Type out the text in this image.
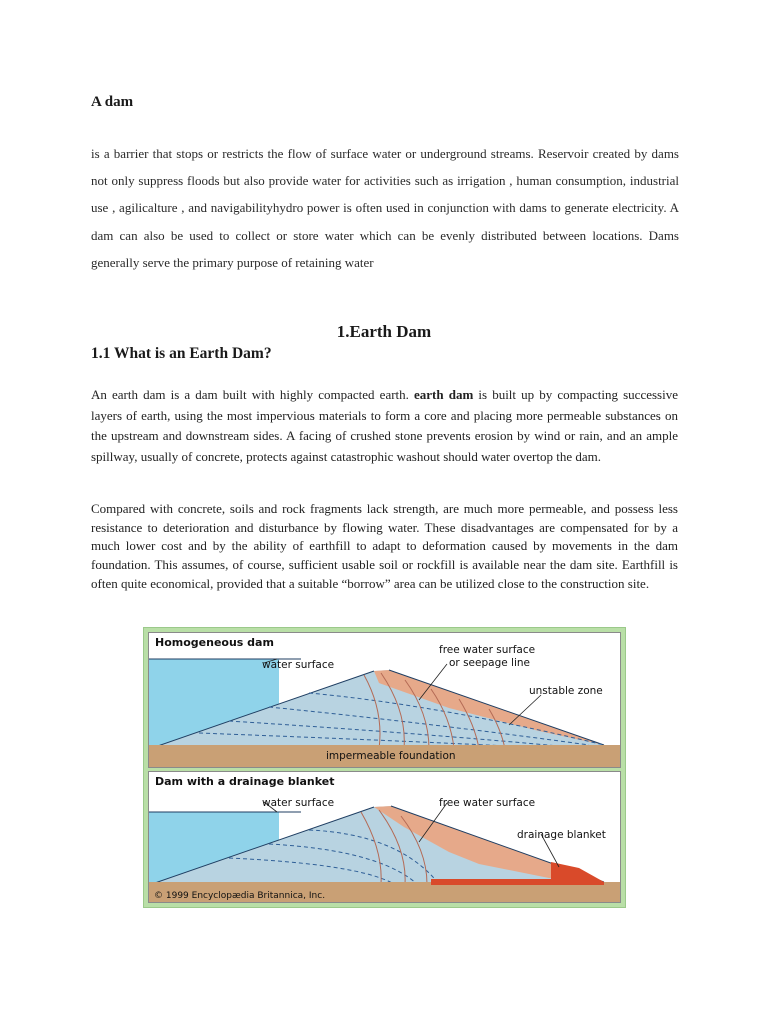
A dam

is a barrier that stops or restricts the flow of surface water or underground streams. Reservoir created by dams not only suppress floods but also provide water for activities such as irrigation , human consumption, industrial use , agilicalture , and navigabilityhydro power is often used in conjunction with dams to generate electricity. A dam can also be used to collect or store water which can be evenly distributed between locations. Dams generally serve the primary purpose of retaining water

1.Earth Dam
1.1 What is an Earth Dam?

An earth dam is a dam built with highly compacted earth. earth dam is built up by compacting successive layers of earth, using the most impervious materials to form a core and placing more permeable substances on the upstream and downstream sides. A facing of crushed stone prevents erosion by wind or rain, and an ample spillway, usually of concrete, protects against catastrophic washout should water overtop the dam.

Compared with concrete, soils and rock fragments lack strength, are much more permeable, and possess less resistance to deterioration and disturbance by flowing water. These disadvantages are compensated for by a much lower cost and by the ability of earthfill to adapt to deformation caused by movements in the dam foundation. This assumes, of course, sufficient usable soil or rockfill is available near the dam site. Earthfill is often quite economical, provided that a suitable “borrow” area can be utilized close to the construction site.

Homogeneous dam
water surface
free water surface
or seepage line
unstable zone
impermeable foundation
Dam with a drainage blanket
water surface	free water surface
drainage blanket
© 1999 Encyclopædia Britannica, Inc.
